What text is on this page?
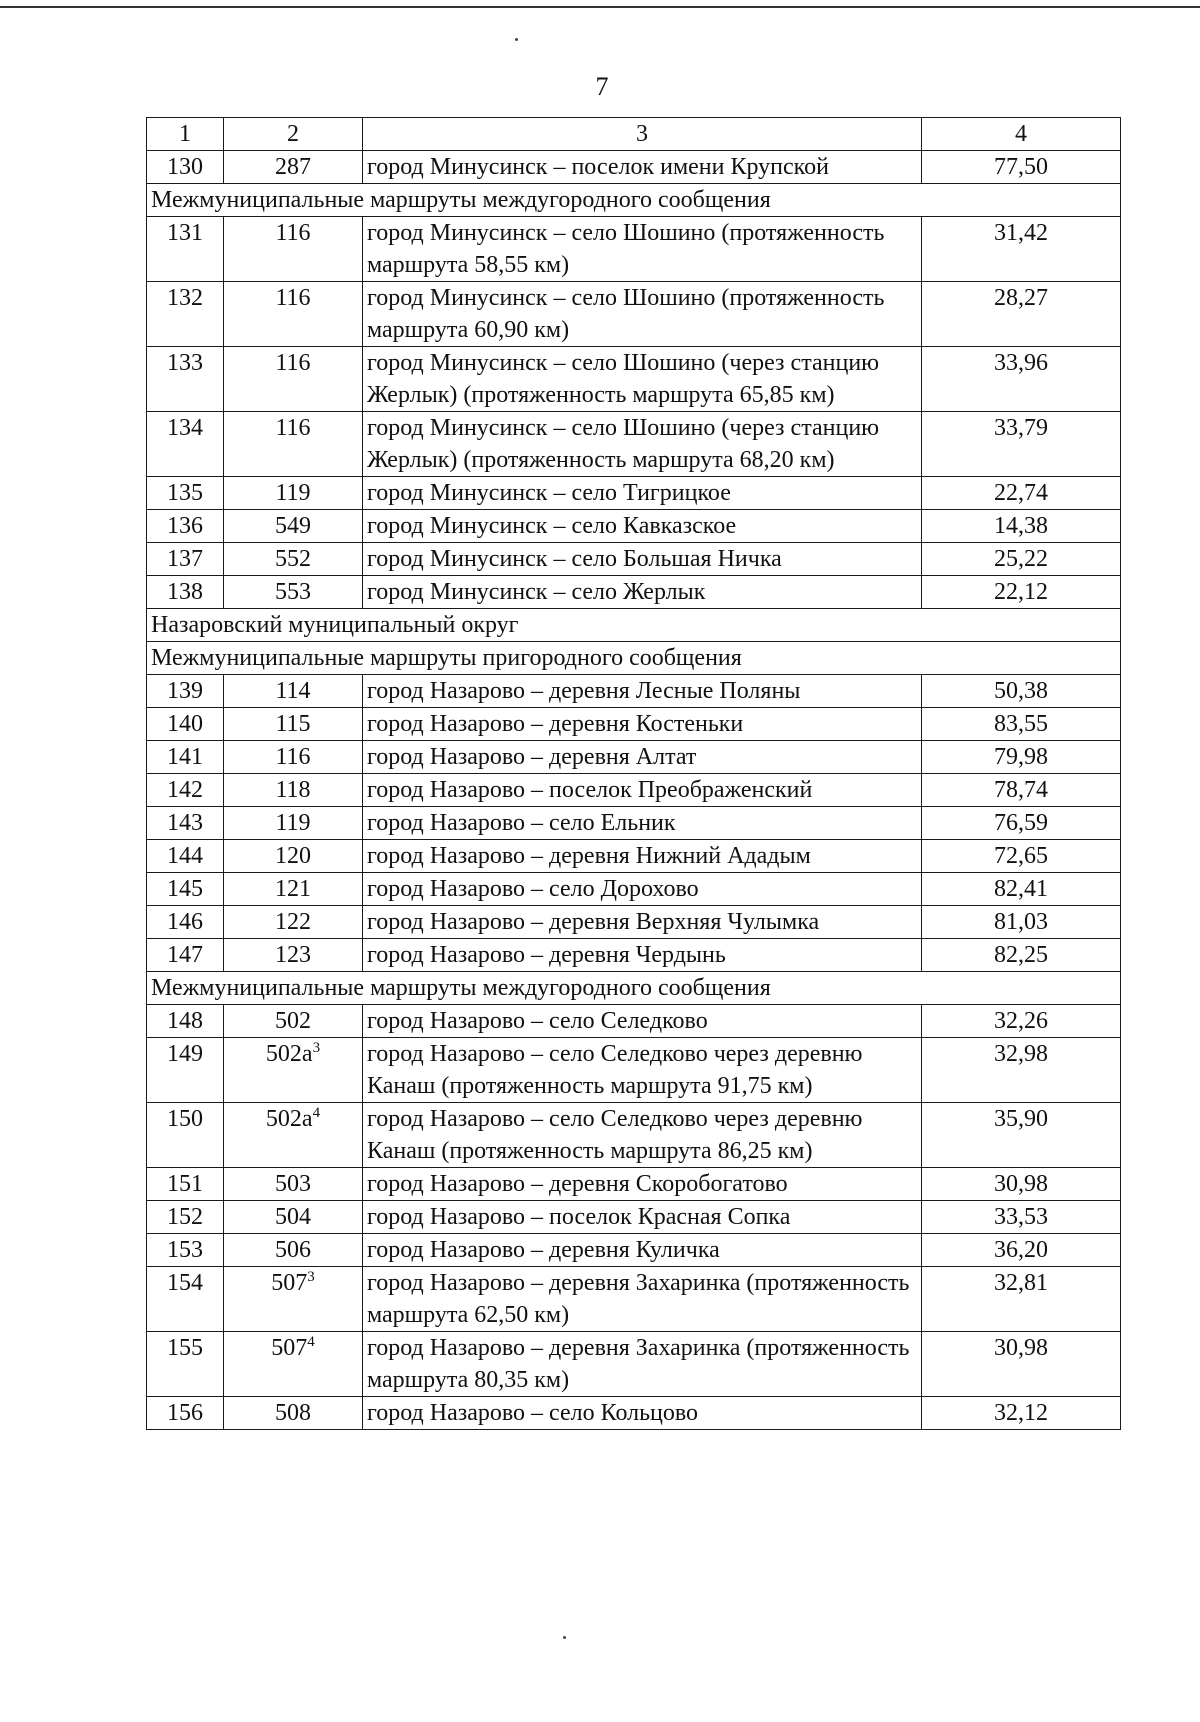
7
1	2	3	4
130	287	город Минусинск – поселок имени Крупской	77,50
Межмуниципальные маршруты междугородного сообщения			
131	116	город Минусинск – село Шошино (протяженность маршрута 58,55 км)	31,42
132	116	город Минусинск – село Шошино (протяженность маршрута 60,90 км)	28,27
133	116	город Минусинск – село Шошино (через станцию Жерлык) (протяженность маршрута 65,85 км)	33,96
134	116	город Минусинск – село Шошино (через станцию Жерлык) (протяженность маршрута 68,20 км)	33,79
135	119	город Минусинск – село Тигрицкое	22,74
136	549	город Минусинск – село Кавказское	14,38
137	552	город Минусинск – село Большая Ничка	25,22
138	553	город Минусинск – село Жерлык	22,12
Назаровский муниципальный округ			
Межмуниципальные маршруты пригородного сообщения			
139	114	город Назарово – деревня Лесные Поляны	50,38
140	115	город Назарово – деревня Костеньки	83,55
141	116	город Назарово – деревня Алтат	79,98
142	118	город Назарово – поселок Преображенский	78,74
143	119	город Назарово – село Ельник	76,59
144	120	город Назарово – деревня Нижний Ададым	72,65
145	121	город Назарово – село Дорохово	82,41
146	122	город Назарово – деревня Верхняя Чулымка	81,03
147	123	город Назарово – деревня Чердынь	82,25
Межмуниципальные маршруты междугородного сообщения			
148	502	город Назарово – село Селедково	32,26
149	$502а^3$	город Назарово – село Селедково через деревню Канаш (протяженность маршрута 91,75 км)	32,98
150	$502а^4$	город Назарово – село Селедково через деревню Канаш (протяженность маршрута 86,25 км)	35,90
151	503	город Назарово – деревня Скоробогатово	30,98
152	504	город Назарово – поселок Красная Сопка	33,53
153	506	город Назарово – деревня Куличка	36,20
154	$507^3$	город Назарово – деревня Захаринка (протяженность маршрута 62,50 км)	32,81
155	$507^4$	город Назарово – деревня Захаринка (протяженность маршрута 80,35 км)	30,98
156	508	город Назарово – село Кольцово	32,12
